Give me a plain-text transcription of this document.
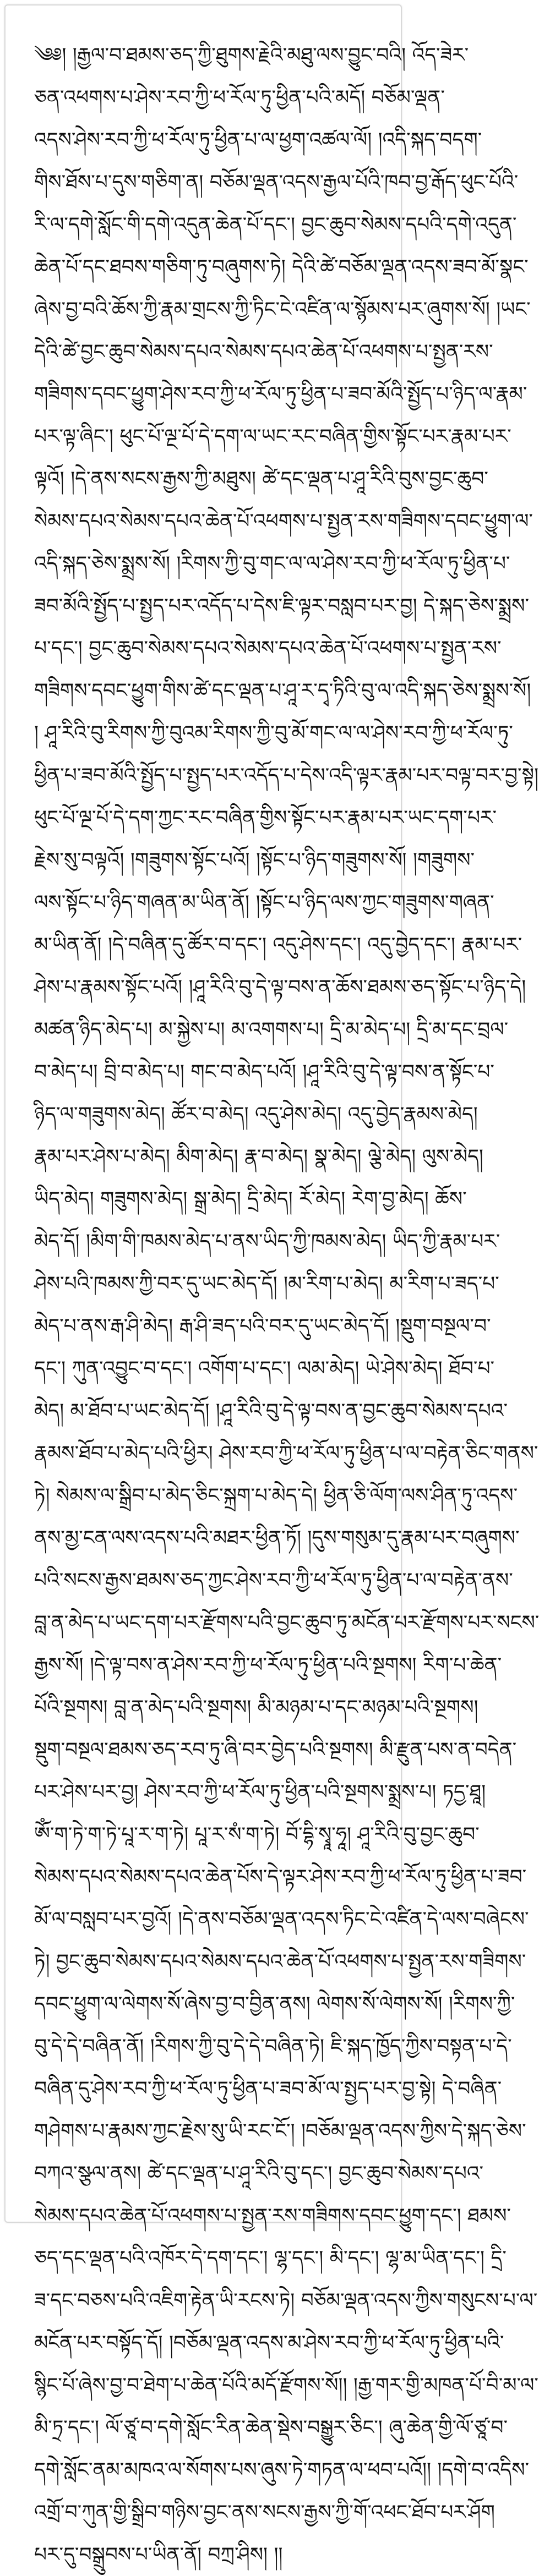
༄༅། །རྒྱལ་བ་ཐམས་ཅད་ཀྱི་ཐུགས་རྗེའི་མཐུ་ལས་བྱུང་བའི། འོད་ཟེར་
ཅན་འཕགས་པ་ཤེས་རབ་ཀྱི་ཕ་རོལ་ཏུ་ཕྱིན་པའི་མདོ། བཅོམ་ལྡན་
འདས་ཤེས་རབ་ཀྱི་ཕ་རོལ་ཏུ་ཕྱིན་པ་ལ་ཕྱག་འཚལ་ལོ། །འདི་སྐད་བདག་
གིས་ཐོས་པ་དུས་གཅིག་ན། བཅོམ་ལྡན་འདས་རྒྱལ་པོའི་ཁབ་བྱ་རྒོད་ཕུང་པོའི་
རི་ལ་དགེ་སློང་གི་དགེ་འདུན་ཆེན་པོ་དང་། བྱང་ཆུབ་སེམས་དཔའི་དགེ་འདུན་
ཆེན་པོ་དང་ཐབས་གཅིག་ཏུ་བཞུགས་ཏེ། དེའི་ཚེ་བཅོམ་ལྡན་འདས་ཟབ་མོ་སྣང་
ཞེས་བྱ་བའི་ཆོས་ཀྱི་རྣམ་གྲངས་ཀྱི་ཏིང་ངེ་འཛིན་ལ་སྙོམས་པར་ཞུགས་སོ། །ཡང་
དེའི་ཚེ་བྱང་ཆུབ་སེམས་དཔའ་སེམས་དཔའ་ཆེན་པོ་འཕགས་པ་སྤྱན་རས་
གཟིགས་དབང་ཕྱུག་ཤེས་རབ་ཀྱི་ཕ་རོལ་ཏུ་ཕྱིན་པ་ཟབ་མོའི་སྤྱོད་པ་ཉིད་ལ་རྣམ་
པར་ལྟ་ཞིང་། ཕུང་པོ་ལྔ་པོ་དེ་དག་ལ་ཡང་རང་བཞིན་གྱིས་སྟོང་པར་རྣམ་པར་
ལྟའོ། །དེ་ནས་སངས་རྒྱས་ཀྱི་མཐུས། ཚེ་དང་ལྡན་པ་ཤཱ་རིའི་བུས་བྱང་ཆུབ་
སེམས་དཔའ་སེམས་དཔའ་ཆེན་པོ་འཕགས་པ་སྤྱན་རས་གཟིགས་དབང་ཕྱུག་ལ་
འདི་སྐད་ཅེས་སྨྲས་སོ། །རིགས་ཀྱི་བུ་གང་ལ་ལ་ཤེས་རབ་ཀྱི་ཕ་རོལ་ཏུ་ཕྱིན་པ་
ཟབ་མོའི་སྤྱོད་པ་སྤྱད་པར་འདོད་པ་དེས་ཇི་ལྟར་བསླབ་པར་བྱ། དེ་སྐད་ཅེས་སྨྲས་
པ་དང་། བྱང་ཆུབ་སེམས་དཔའ་སེམས་དཔའ་ཆེན་པོ་འཕགས་པ་སྤྱན་རས་
གཟིགས་དབང་ཕྱུག་གིས་ཚེ་དང་ལྡན་པ་ཤཱ་ར་དྭ་ཏིའི་བུ་ལ་འདི་སྐད་ཅེས་སྨྲས་སོ།
། ཤཱ་རིའི་བུ་རིགས་ཀྱི་བུའམ་རིགས་ཀྱི་བུ་མོ་གང་ལ་ལ་ཤེས་རབ་ཀྱི་ཕ་རོལ་ཏུ་
ཕྱིན་པ་ཟབ་མོའི་སྤྱོད་པ་སྤྱད་པར་འདོད་པ་དེས་འདི་ལྟར་རྣམ་པར་བལྟ་བར་བྱ་སྟེ།
ཕུང་པོ་ལྔ་པོ་དེ་དག་ཀྱང་རང་བཞིན་གྱིས་སྟོང་པར་རྣམ་པར་ཡང་དག་པར་
རྗེས་སུ་བལྟའོ། །གཟུགས་སྟོང་པའོ། །སྟོང་པ་ཉིད་གཟུགས་སོ། །གཟུགས་
ལས་སྟོང་པ་ཉིད་གཞན་མ་ཡིན་ནོ། །སྟོང་པ་ཉིད་ལས་ཀྱང་གཟུགས་གཞན་
མ་ཡིན་ནོ། །དེ་བཞིན་དུ་ཚོར་བ་དང་། འདུ་ཤེས་དང་། འདུ་བྱེད་དང་། རྣམ་པར་
ཤེས་པ་རྣམས་སྟོང་པའོ། །ཤཱ་རིའི་བུ་དེ་ལྟ་བས་ན་ཆོས་ཐམས་ཅད་སྟོང་པ་ཉིད་དེ།
མཚན་ཉིད་མེད་པ། མ་སྐྱེས་པ། མ་འགགས་པ། དྲི་མ་མེད་པ། དྲི་མ་དང་བྲལ་
བ་མེད་པ། བྲི་བ་མེད་པ། གང་བ་མེད་པའོ། །ཤཱ་རིའི་བུ་དེ་ལྟ་བས་ན་སྟོང་པ་
ཉིད་ལ་གཟུགས་མེད། ཚོར་བ་མེད། འདུ་ཤེས་མེད། འདུ་བྱེད་རྣམས་མེད།
རྣམ་པར་ཤེས་པ་མེད། མིག་མེད། རྣ་བ་མེད། སྣ་མེད། ལྕེ་མེད། ལུས་མེད།
ཡིད་མེད། གཟུགས་མེད། སྒྲ་མེད། དྲི་མེད། རོ་མེད། རེག་བྱ་མེད། ཆོས་
མེད་དོ། །མིག་གི་ཁམས་མེད་པ་ནས་ཡིད་ཀྱི་ཁམས་མེད། ཡིད་ཀྱི་རྣམ་པར་
ཤེས་པའི་ཁམས་ཀྱི་བར་དུ་ཡང་མེད་དོ། །མ་རིག་པ་མེད། མ་རིག་པ་ཟད་པ་
མེད་པ་ནས་རྒ་ཤི་མེད། རྒ་ཤི་ཟད་པའི་བར་དུ་ཡང་མེད་དོ། །སྡུག་བསྔལ་བ་
དང་། ཀུན་འབྱུང་བ་དང་། འགོག་པ་དང་། ལམ་མེད། ཡེ་ཤེས་མེད། ཐོབ་པ་
མེད། མ་ཐོབ་པ་ཡང་མེད་དོ། །ཤཱ་རིའི་བུ་དེ་ལྟ་བས་ན་བྱང་ཆུབ་སེམས་དཔའ་
རྣམས་ཐོབ་པ་མེད་པའི་ཕྱིར། ཤེས་རབ་ཀྱི་ཕ་རོལ་ཏུ་ཕྱིན་པ་ལ་བརྟེན་ཅིང་གནས་
ཏེ། སེམས་ལ་སྒྲིབ་པ་མེད་ཅིང་སྐྲག་པ་མེད་དེ། ཕྱིན་ཅི་ལོག་ལས་ཤིན་ཏུ་འདས་
ནས་མྱ་ངན་ལས་འདས་པའི་མཐར་ཕྱིན་ཏོ། །དུས་གསུམ་དུ་རྣམ་པར་བཞུགས་
པའི་སངས་རྒྱས་ཐམས་ཅད་ཀྱང་ཤེས་རབ་ཀྱི་ཕ་རོལ་ཏུ་ཕྱིན་པ་ལ་བརྟེན་ནས་
བླ་ན་མེད་པ་ཡང་དག་པར་རྫོགས་པའི་བྱང་ཆུབ་ཏུ་མངོན་པར་རྫོགས་པར་སངས་
རྒྱས་སོ། །དེ་ལྟ་བས་ན་ཤེས་རབ་ཀྱི་ཕ་རོལ་ཏུ་ཕྱིན་པའི་སྔགས། རིག་པ་ཆེན་
པོའི་སྔགས། བླ་ན་མེད་པའི་སྔགས། མི་མཉམ་པ་དང་མཉམ་པའི་སྔགས།
སྡུག་བསྔལ་ཐམས་ཅད་རབ་ཏུ་ཞི་བར་བྱེད་པའི་སྔགས། མི་རྫུན་པས་ན་བདེན་
པར་ཤེས་པར་བྱ། ཤེས་རབ་ཀྱི་ཕ་རོལ་ཏུ་ཕྱིན་པའི་སྔགས་སྨྲས་པ། ཏདྱ་ཐཱ།
ཨོཾ་ག་ཏེ་ག་ཏེ་པཱ་ར་ག་ཏེ། པཱ་ར་སཾ་ག་ཏེ། བོ་དྷི་སྭཱ་ཧཱ། ཤཱ་རིའི་བུ་བྱང་ཆུབ་
སེམས་དཔའ་སེམས་དཔའ་ཆེན་པོས་དེ་ལྟར་ཤེས་རབ་ཀྱི་ཕ་རོལ་ཏུ་ཕྱིན་པ་ཟབ་
མོ་ལ་བསླབ་པར་བྱའོ། །དེ་ནས་བཅོམ་ལྡན་འདས་ཏིང་ངེ་འཛིན་དེ་ལས་བཞེངས་
ཏེ། བྱང་ཆུབ་སེམས་དཔའ་སེམས་དཔའ་ཆེན་པོ་འཕགས་པ་སྤྱན་རས་གཟིགས་
དབང་ཕྱུག་ལ་ལེགས་སོ་ཞེས་བྱ་བ་བྱིན་ནས། ལེགས་སོ་ལེགས་སོ། །རིགས་ཀྱི་
བུ་དེ་དེ་བཞིན་ནོ། །རིགས་ཀྱི་བུ་དེ་དེ་བཞིན་ཏེ། ཇི་སྐད་ཁྱོད་ཀྱིས་བསྟན་པ་དེ་
བཞིན་དུ་ཤེས་རབ་ཀྱི་ཕ་རོལ་ཏུ་ཕྱིན་པ་ཟབ་མོ་ལ་སྤྱད་པར་བྱ་སྟེ། དེ་བཞིན་
གཤེགས་པ་རྣམས་ཀྱང་རྗེས་སུ་ཡི་རང་ངོ་། །བཅོམ་ལྡན་འདས་ཀྱིས་དེ་སྐད་ཅེས་
བཀའ་སྩལ་ནས། ཚེ་དང་ལྡན་པ་ཤཱ་རིའི་བུ་དང་། བྱང་ཆུབ་སེམས་དཔའ་
སེམས་དཔའ་ཆེན་པོ་འཕགས་པ་སྤྱན་རས་གཟིགས་དབང་ཕྱུག་དང་། ཐམས་
ཅད་དང་ལྡན་པའི་འཁོར་དེ་དག་དང་། ལྷ་དང་། མི་དང་། ལྷ་མ་ཡིན་དང་། དྲི་
ཟ་དང་བཅས་པའི་འཇིག་རྟེན་ཡི་རངས་ཏེ། བཅོམ་ལྡན་འདས་ཀྱིས་གསུངས་པ་ལ་
མངོན་པར་བསྟོད་དོ། །བཅོམ་ལྡན་འདས་མ་ཤེས་རབ་ཀྱི་ཕ་རོལ་ཏུ་ཕྱིན་པའི་
སྙིང་པོ་ཞེས་བྱ་བ་ཐེག་པ་ཆེན་པོའི་མདོ་རྫོགས་སོ།། །རྒྱ་གར་གྱི་མཁན་པོ་བི་མ་ལ་
མི་ཏྲ་དང་། ལོ་ཙཱ་བ་དགེ་སློང་རིན་ཆེན་སྡེས་བསྒྱུར་ཅིང་། ཞུ་ཆེན་གྱི་ལོ་ཙཱ་བ་
དགེ་སློང་ནམ་མཁའ་ལ་སོགས་པས་ཞུས་ཏེ་གཏན་ལ་ཕབ་པའོ།། །དགེ་བ་འདིས་
འགྲོ་བ་ཀུན་གྱི་སྒྲིབ་གཉིས་བྱང་ནས་སངས་རྒྱས་ཀྱི་གོ་འཕང་ཐོབ་པར་ཤོག
པར་དུ་བསྒྲུབས་པ་ཡིན་ནོ། བཀྲ་ཤིས། །།
